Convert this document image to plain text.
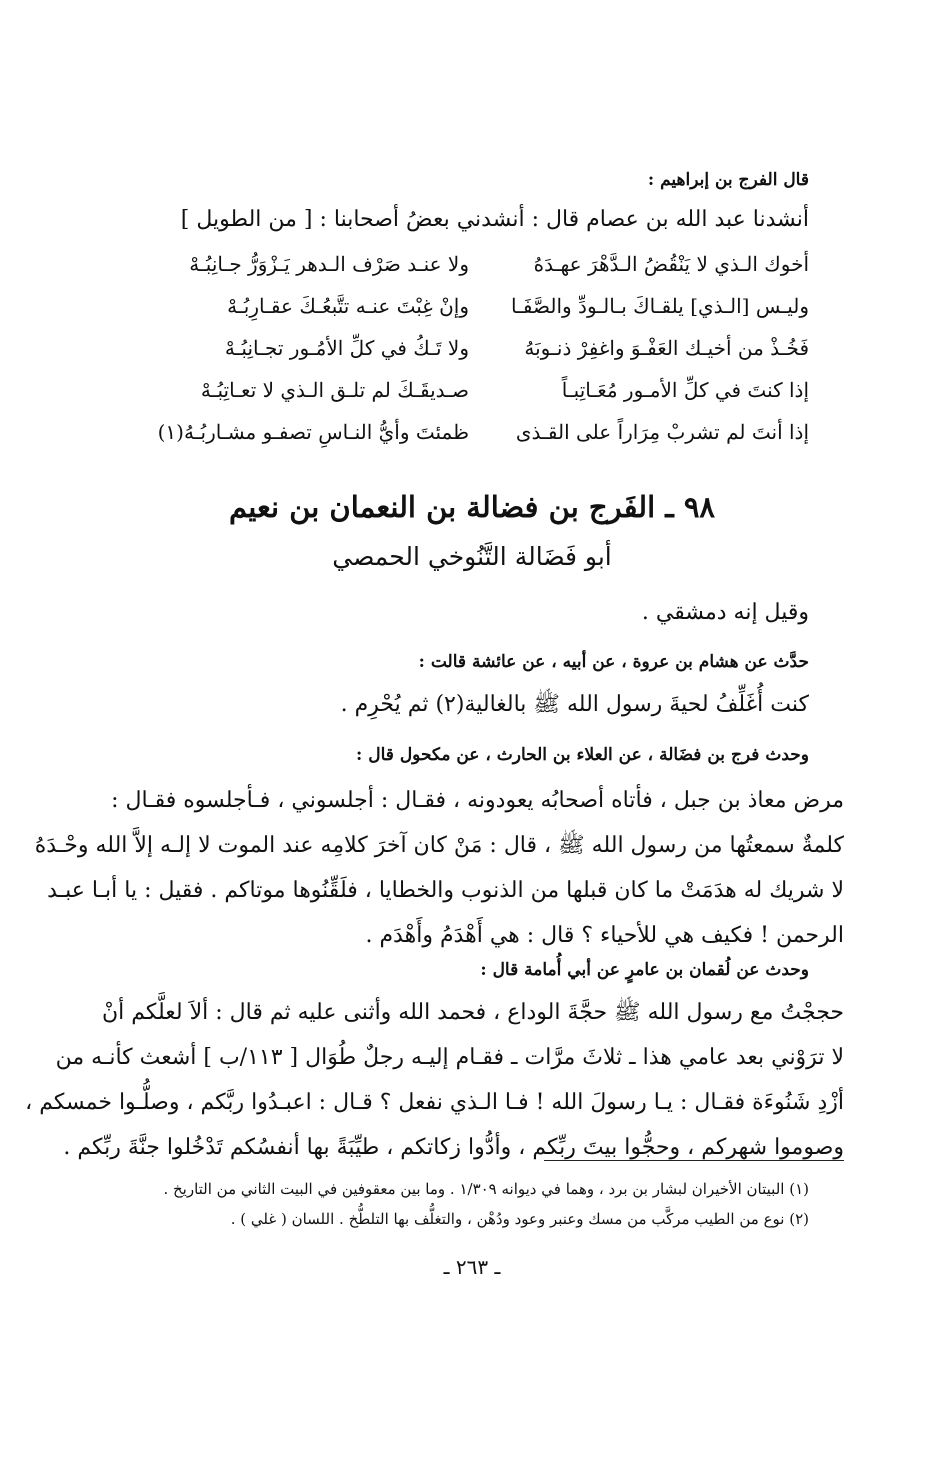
قال الفرج بن إبراهيم :
أنشدنا عبد الله بن عصام قال : أنشدني بعضُ أصحابنا : [ من الطويل ]
أخوك الـذي لا يَنْقُضُ الـدَّهْرَ عهـدَهُ
ولا عنـد صَرْف الـدهر يَـزْوَرُّ جـانِبُـهْ
وليـس [الـذي] يلقـاكَ بـالـودِّ والصَّفَـا
وإنْ غِبْتَ عنـه تتَّبعُـكَ عقـارِبُـهْ
فَخُـذْ من أخيـك العَفْـوَ واغفِرْ ذنـوبَهُ
ولا تَـكُ في كلِّ الأمُـور تجـانِبُـهْ
إذا كنتَ في كلِّ الأمـور مُعَـاتِبـاً
صـديقَـكَ لم تلـق الـذي لا تعـاتِبُـهْ
إذا أنتَ لم تشربْ مِرَاراً على القـذى
ظمئتَ وأيُّ النـاسِ تصفـو مشـاربُـهُ(١)
٩٨ ـ الفَرج بن فضالة بن النعمان بن نعيم
أبو فَضَالة التَّنُوخي الحمصي
وقيل إنه دمشقي .
حدَّث عن هشام بن عروة ، عن أبيه ، عن عائشة قالت :
كنت أُغَلِّفُ لحيةَ رسول الله ﷺ بالغالية(٢) ثم يُحْرِم .
وحدث فرج بن فضَالة ، عن العلاء بن الحارث ، عن مكحول قال :
مرض معاذ بن جبل ، فأتاه أصحابُه يعودونه ، فقـال : أجلسوني ، فـأجلسوه فقـال :
كلمةٌ سمعتُها من رسول الله ﷺ ، قال : مَنْ كان آخرَ كلامِه عند الموت لا إلـه إلاَّ الله وحْـدَهُ
لا شريك له هدَمَتْ ما كان قبلها من الذنوب والخطايا ، فلَقِّنُوها موتاكم . فقيل : يا أبـا عبـد
الرحمن ! فكيف هي للأحياء ؟ قال : هي أَهْدَمُ وأَهْدَم .
وحدث عن لُقمان بن عامرٍ عن أبي أُمامة قال :
حججْتُ مع رسول الله ﷺ حجَّةَ الوداع ، فحمد الله وأثنى عليه ثم قال : ألاَ لعلَّكم أنْ
لا ترَوْني بعد عامي هذا ـ ثلاثَ مرَّات ـ فقـام إليـه رجلٌ طُوَال [ ١١٣/ب ] أشعث كأنـه من
أزْدِ شَنُوءَة فقـال : يـا رسولَ الله ! فـا الـذي نفعل ؟ قـال : اعبـدُوا ربَّكم ، وصلُّـوا خمسكم ،
وصوموا شهركم ، وحجُّوا بيتَ ربِّكم ، وأدُّوا زكاتكم ، طيِّبَةً بها أنفسُكم تَدْخُلوا جنَّةَ ربِّكم .
(١) البيتان الأخيران لبشار بن برد ، وهما في ديوانه ١/٣٠٩ . وما بين معقوفين في البيت الثاني من التاريخ .
(٢) نوع من الطيب مركَّب من مسك وعنبر وعود ودُهْن ، والتغلُّف بها التلطُّخ . اللسان ( غلي ) .
ـ ٢٦٣ ـ
